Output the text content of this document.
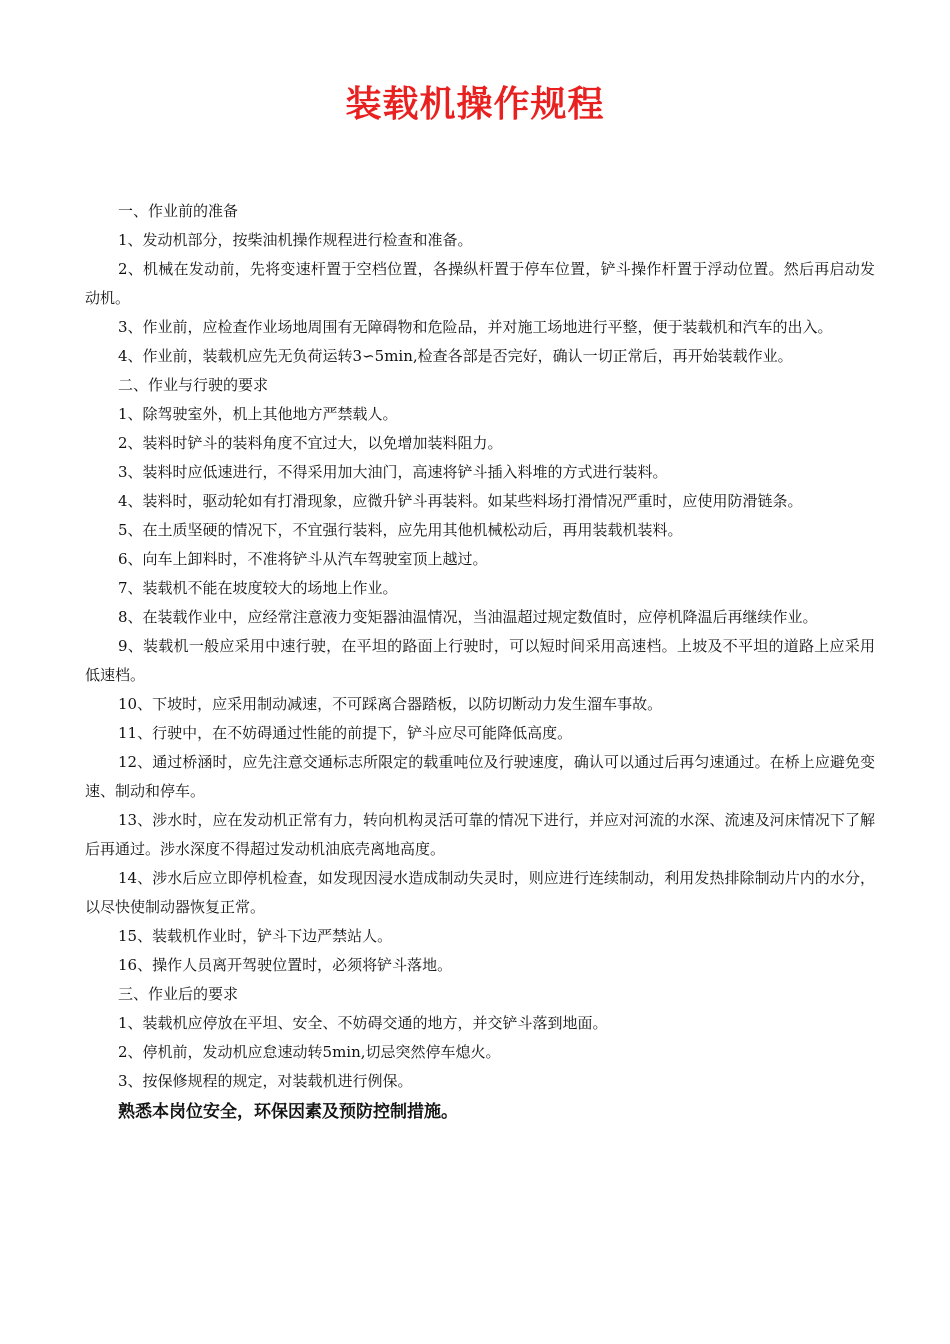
装载机操作规程

一、作业前的准备

1、发动机部分，按柴油机操作规程进行检查和准备。

2、机械在发动前，先将变速杆置于空档位置，各操纵杆置于停车位置，铲斗操作杆置于浮动位置。然后再启动发动机。

3、作业前，应检查作业场地周围有无障碍物和危险品，并对施工场地进行平整，便于装载机和汽车的出入。

4、作业前，装载机应先无负荷运转3∽5min,检查各部是否完好，确认一切正常后，再开始装载作业。

二、作业与行驶的要求

1、除驾驶室外，机上其他地方严禁载人。

2、装料时铲斗的装料角度不宜过大，以免增加装料阻力。

3、装料时应低速进行，不得采用加大油门，高速将铲斗插入料堆的方式进行装料。

4、装料时，驱动轮如有打滑现象，应微升铲斗再装料。如某些料场打滑情况严重时，应使用防滑链条。

5、在土质坚硬的情况下，不宜强行装料，应先用其他机械松动后，再用装载机装料。

6、向车上卸料时，不准将铲斗从汽车驾驶室顶上越过。

7、装载机不能在坡度较大的场地上作业。

8、在装载作业中，应经常注意液力变矩器油温情况，当油温超过规定数值时，应停机降温后再继续作业。

9、装载机一般应采用中速行驶，在平坦的路面上行驶时，可以短时间采用高速档。上坡及不平坦的道路上应采用低速档。

10、下坡时，应采用制动减速，不可踩离合器踏板，以防切断动力发生溜车事故。

11、行驶中，在不妨碍通过性能的前提下，铲斗应尽可能降低高度。

12、通过桥涵时，应先注意交通标志所限定的载重吨位及行驶速度，确认可以通过后再匀速通过。在桥上应避免变速、制动和停车。

13、涉水时，应在发动机正常有力，转向机构灵活可靠的情况下进行，并应对河流的水深、流速及河床情况下了解后再通过。涉水深度不得超过发动机油底壳离地高度。

14、涉水后应立即停机检查，如发现因浸水造成制动失灵时，则应进行连续制动，利用发热排除制动片内的水分，以尽快使制动器恢复正常。

15、装载机作业时，铲斗下边严禁站人。

16、操作人员离开驾驶位置时，必须将铲斗落地。

三、作业后的要求

1、装载机应停放在平坦、安全、不妨碍交通的地方，并交铲斗落到地面。

2、停机前，发动机应怠速动转5min,切忌突然停车熄火。

3、按保修规程的规定，对装载机进行例保。

熟悉本岗位安全，环保因素及预防控制措施。
